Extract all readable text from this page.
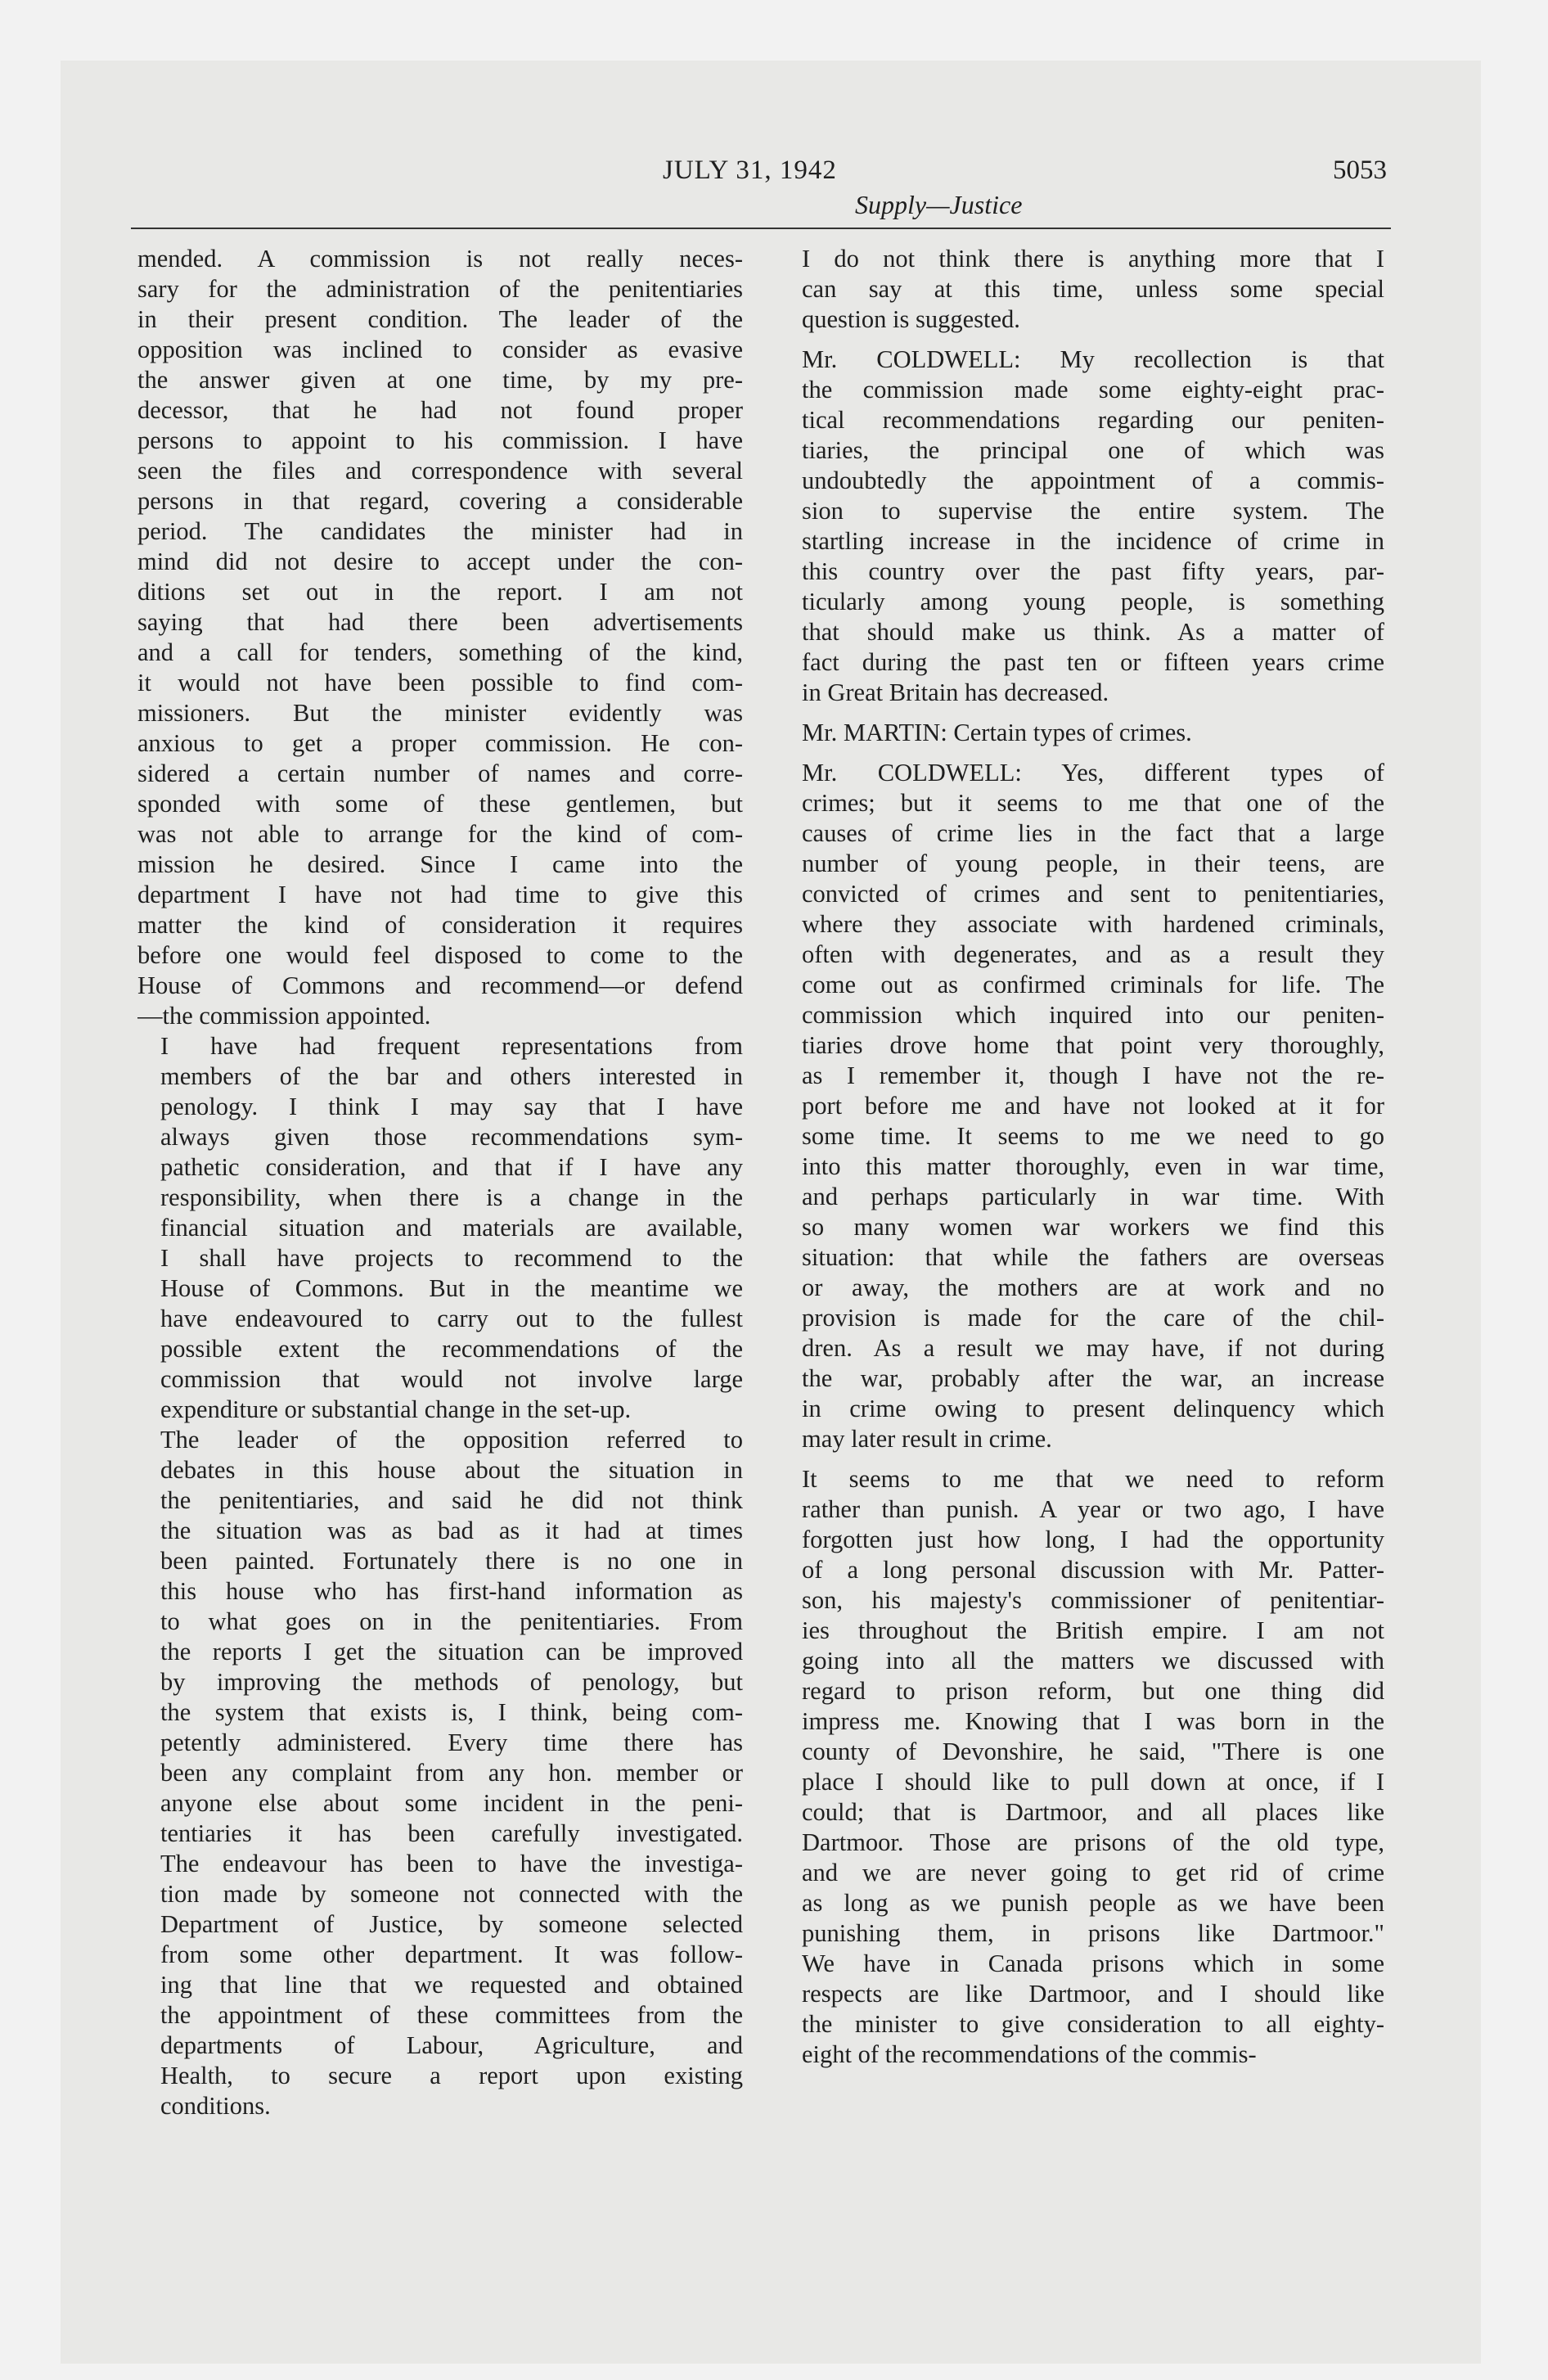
JULY 31, 1942	5053
Supply—Justice
mended. A commission is not really neces-
sary for the administration of the penitentiaries
in their present condition. The leader of the
opposition was inclined to consider as evasive
the answer given at one time, by my pre-
decessor, that he had not found proper
persons to appoint to his commission. I have
seen the files and correspondence with several
persons in that regard, covering a considerable
period. The candidates the minister had in
mind did not desire to accept under the con-
ditions set out in the report. I am not
saying that had there been advertisements
and a call for tenders, something of the kind,
it would not have been possible to find com-
missioners. But the minister evidently was
anxious to get a proper commission. He con-
sidered a certain number of names and corre-
sponded with some of these gentlemen, but
was not able to arrange for the kind of com-
mission he desired. Since I came into the
department I have not had time to give this
matter the kind of consideration it requires
before one would feel disposed to come to the
House of Commons and recommend—or defend
—the commission appointed.
I have had frequent representations from
members of the bar and others interested in
penology. I think I may say that I have
always given those recommendations sym-
pathetic consideration, and that if I have any
responsibility, when there is a change in the
financial situation and materials are available,
I shall have projects to recommend to the
House of Commons. But in the meantime we
have endeavoured to carry out to the fullest
possible extent the recommendations of the
commission that would not involve large
expenditure or substantial change in the set-up.
The leader of the opposition referred to
debates in this house about the situation in
the penitentiaries, and said he did not think
the situation was as bad as it had at times
been painted. Fortunately there is no one in
this house who has first-hand information as
to what goes on in the penitentiaries. From
the reports I get the situation can be improved
by improving the methods of penology, but
the system that exists is, I think, being com-
petently administered. Every time there has
been any complaint from any hon. member or
anyone else about some incident in the peni-
tentiaries it has been carefully investigated.
The endeavour has been to have the investiga-
tion made by someone not connected with the
Department of Justice, by someone selected
from some other department. It was follow-
ing that line that we requested and obtained
the appointment of these committees from the
departments of Labour, Agriculture, and
Health, to secure a report upon existing
conditions.
I do not think there is anything more that I
can say at this time, unless some special
question is suggested.
Mr. COLDWELL: My recollection is that
the commission made some eighty-eight prac-
tical recommendations regarding our peniten-
tiaries, the principal one of which was
undoubtedly the appointment of a commis-
sion to supervise the entire system. The
startling increase in the incidence of crime in
this country over the past fifty years, par-
ticularly among young people, is something
that should make us think. As a matter of
fact during the past ten or fifteen years crime
in Great Britain has decreased.
Mr. MARTIN: Certain types of crimes.
Mr. COLDWELL: Yes, different types of
crimes; but it seems to me that one of the
causes of crime lies in the fact that a large
number of young people, in their teens, are
convicted of crimes and sent to penitentiaries,
where they associate with hardened criminals,
often with degenerates, and as a result they
come out as confirmed criminals for life. The
commission which inquired into our peniten-
tiaries drove home that point very thoroughly,
as I remember it, though I have not the re-
port before me and have not looked at it for
some time. It seems to me we need to go
into this matter thoroughly, even in war time,
and perhaps particularly in war time. With
so many women war workers we find this
situation: that while the fathers are overseas
or away, the mothers are at work and no
provision is made for the care of the chil-
dren. As a result we may have, if not during
the war, probably after the war, an increase
in crime owing to present delinquency which
may later result in crime.
It seems to me that we need to reform
rather than punish. A year or two ago, I have
forgotten just how long, I had the opportunity
of a long personal discussion with Mr. Patter-
son, his majesty's commissioner of penitentiar-
ies throughout the British empire. I am not
going into all the matters we discussed with
regard to prison reform, but one thing did
impress me. Knowing that I was born in the
county of Devonshire, he said, "There is one
place I should like to pull down at once, if I
could; that is Dartmoor, and all places like
Dartmoor. Those are prisons of the old type,
and we are never going to get rid of crime
as long as we punish people as we have been
punishing them, in prisons like Dartmoor."
We have in Canada prisons which in some
respects are like Dartmoor, and I should like
the minister to give consideration to all eighty-
eight of the recommendations of the commis-
